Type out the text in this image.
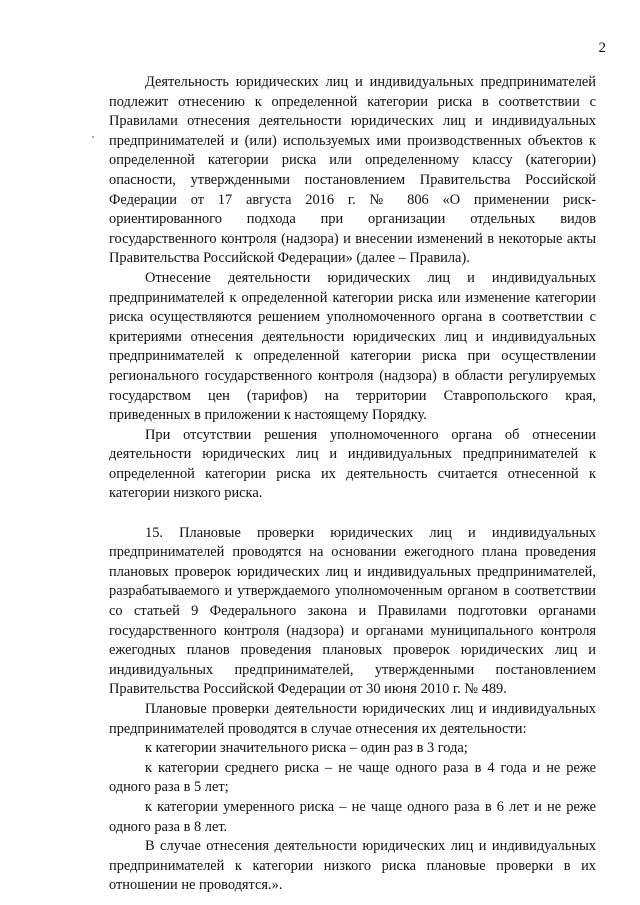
2

Деятельность юридических лиц и индивидуальных предпринимателей подлежит отнесению к определенной категории риска в соответствии с Правилами отнесения деятельности юридических лиц и индивидуальных предпринимателей и (или) используемых ими производственных объектов к определенной категории риска или определенному классу (категории) опасности, утвержденными постановлением Правительства Российской Федерации от 17 августа 2016 г. № 806 «О применении риск-ориентированного подхода при организации отдельных видов государственного контроля (надзора) и внесении изменений в некоторые акты Правительства Российской Федерации» (далее – Правила).

Отнесение деятельности юридических лиц и индивидуальных предпринимателей к определенной категории риска или изменение категории риска осуществляются решением уполномоченного органа в соответствии с критериями отнесения деятельности юридических лиц и индивидуальных предпринимателей к определенной категории риска при осуществлении регионального государственного контроля (надзора) в области регулируемых государством цен (тарифов) на территории Ставропольского края, приведенных в приложении к настоящему Порядку.

При отсутствии решения уполномоченного органа об отнесении деятельности юридических лиц и индивидуальных предпринимателей к определенной категории риска их деятельность считается отнесенной к категории низкого риска.

15. Плановые проверки юридических лиц и индивидуальных предпринимателей проводятся на основании ежегодного плана проведения плановых проверок юридических лиц и индивидуальных предпринимателей, разрабатываемого и утверждаемого уполномоченным органом в соответствии со статьей 9 Федерального закона и Правилами подготовки органами государственного контроля (надзора) и органами муниципального контроля ежегодных планов проведения плановых проверок юридических лиц и индивидуальных предпринимателей, утвержденными постановлением Правительства Российской Федерации от 30 июня 2010 г. № 489.

Плановые проверки деятельности юридических лиц и индивидуальных предпринимателей проводятся в случае отнесения их деятельности:

к категории значительного риска – один раз в 3 года;

к категории среднего риска – не чаще одного раза в 4 года и не реже одного раза в 5 лет;

к категории умеренного риска – не чаще одного раза в 6 лет и не реже одного раза в 8 лет.

В случае отнесения деятельности юридических лиц и индивидуальных предпринимателей к категории низкого риска плановые проверки в их отношении не проводятся.».
